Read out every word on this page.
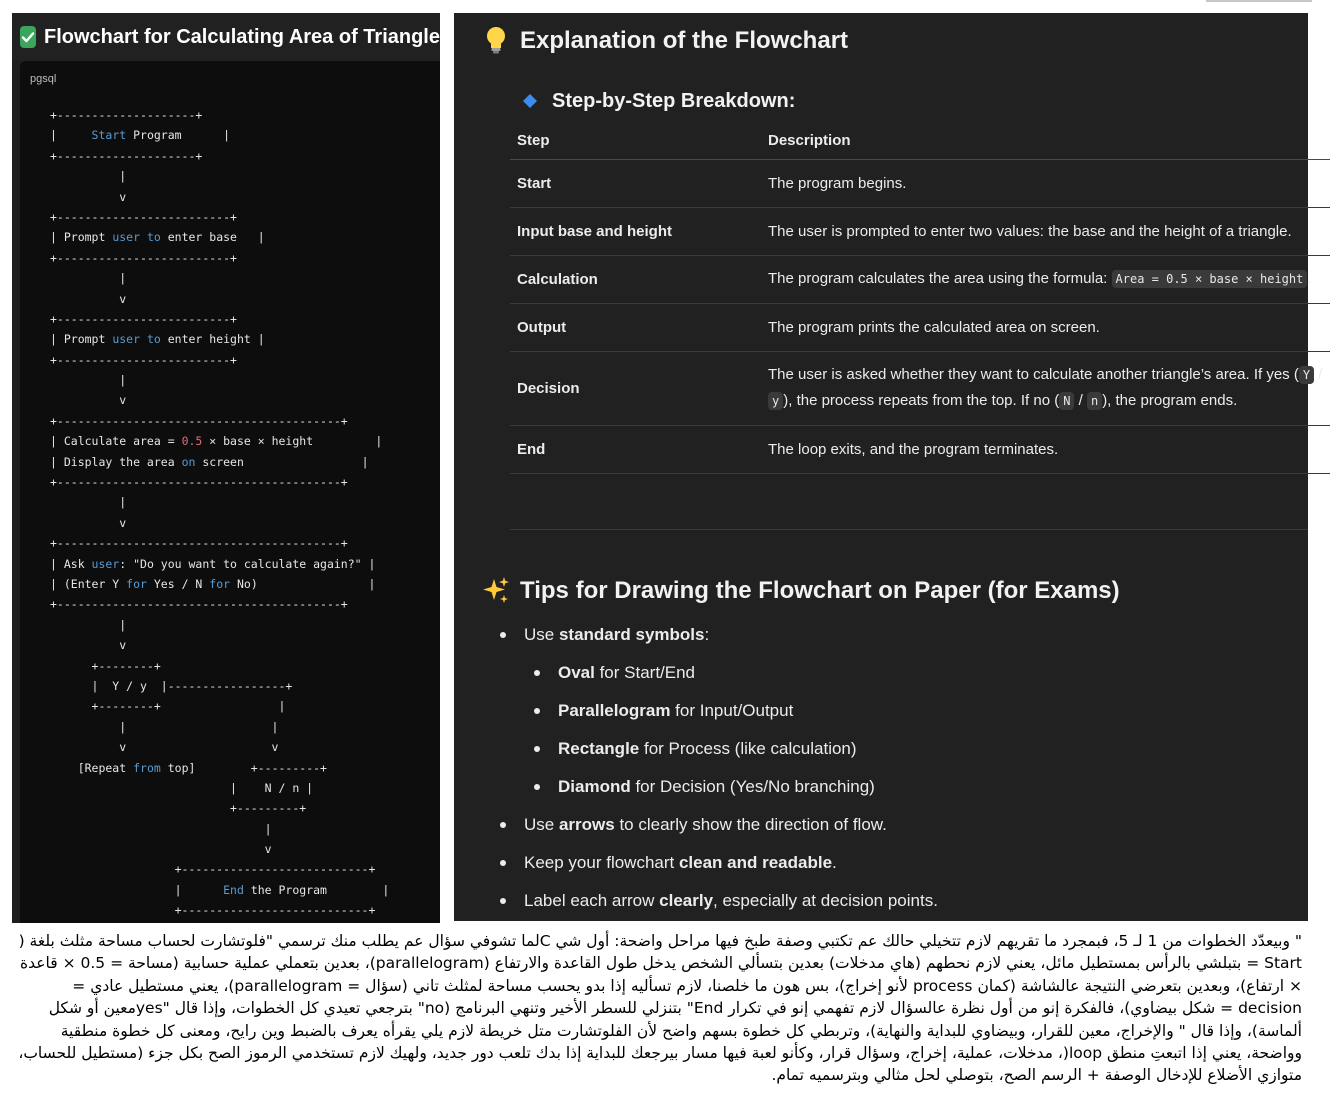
Flowchart for Calculating Area of Triangle
pgsql
+--------------------+
|     Start Program      |
+--------------------+
|
v
+-------------------------+
| Prompt user to enter base   |
+-------------------------+
|
v
+-------------------------+
| Prompt user to enter height |
+-------------------------+
|
v
+-----------------------------------------+
| Calculate area = 0.5 × base × height         |
| Display the area on screen                 |
+-----------------------------------------+
|
v
+-----------------------------------------+
| Ask user: "Do you want to calculate again?" |
| (Enter Y for Yes / N for No)                |
+-----------------------------------------+
|
v
+--------+
|  Y / y  |-----------------+
+--------+                 |
|                     |
v                     v
[Repeat from top]        +---------+
|    N / n |
+---------+
|
v
+---------------------------+
|      End the Program        |
+---------------------------+
Explanation of the Flowchart
Step-by-Step Breakdown:
Step	Description
Start	The program begins.
Input base and height	The user is prompted to enter two values: the base and the height of a triangle.
Calculation	The program calculates the area using the formula: Area = 0.5 × base × height .
Output	The program prints the calculated area on screen.
Decision	The user is asked whether they want to calculate another triangle’s area. If yes ( Y / y ), the process repeats from the top. If no ( N / n ), the program ends.
End	The loop exits, and the program terminates.
Tips for Drawing the Flowchart on Paper (for Exams)
Use standard symbols:
Oval for Start/End
Parallelogram for Input/Output
Rectangle for Process (like calculation)
Diamond for Decision (Yes/No branching)
Use arrows to clearly show the direction of flow.
Keep your flowchart clean and readable.
Label each arrow clearly, especially at decision points.
" وبيعدّد الخطوات من 1 لـ 5، فبمجرد ما تقريهم لازم تتخيلي حالك عم تكتبي وصفة طبخ فيها مراحل واضحة: أول شي Cلما تشوفي سؤال عم يطلب منك ترسمي "فلوتشارت لحساب مساحة مثلث بلغة ( Start = بتبلشي بالرأس بمستطيل مائل، يعني لازم نحطهم (هاي مدخلات) بعدين بتسألي الشخص يدخل طول القاعدة والارتفاع (parallelogram)، بعدين بتعملي عملية حسابية (مساحة = 0.5 × قاعدة × ارتفاع)، وبعدين بتعرضي النتيجة عالشاشة (كمان process لأنو إخراج)، بس هون ما خلصنا، لازم تسأليه إذا بدو يحسب مساحة لمثلث تاني (سؤال = parallelogram)، يعني مستطيل عادي = decision = شكل بيضاوي)، فالفكرة إنو من أول نظرة عالسؤال لازم تفهمي إنو في تكرار End" بتنزلي للسطر الأخير وتنهي البرنامج (no" بترجعي تعيدي كل الخطوات، وإذا قال "yesمعين أو شكل ألماسة)، وإذا قال " والإخراج، معين للقرار، وبيضاوي للبداية والنهاية)، وتربطي كل خطوة بسهم واضح لأن الفلوتشارت متل خريطة لازم يلي يقرأه يعرف بالضبط وين رايح، ومعنى كل خطوة منطقية وواضحة، يعني إذا اتبعتِ منطق loop(، مدخلات، عملية، إخراج، وسؤال قرار، وكأنو لعبة فيها مسار بيرجعك للبداية إذا بدك تلعب دور جديد، ولهيك لازم تستخدمي الرموز الصح بكل جزء (مستطيل للحساب، متوازي الأضلاع للإدخال الوصفة + الرسم الصح، بتوصلي لحل مثالي وبترسميه تمام.
